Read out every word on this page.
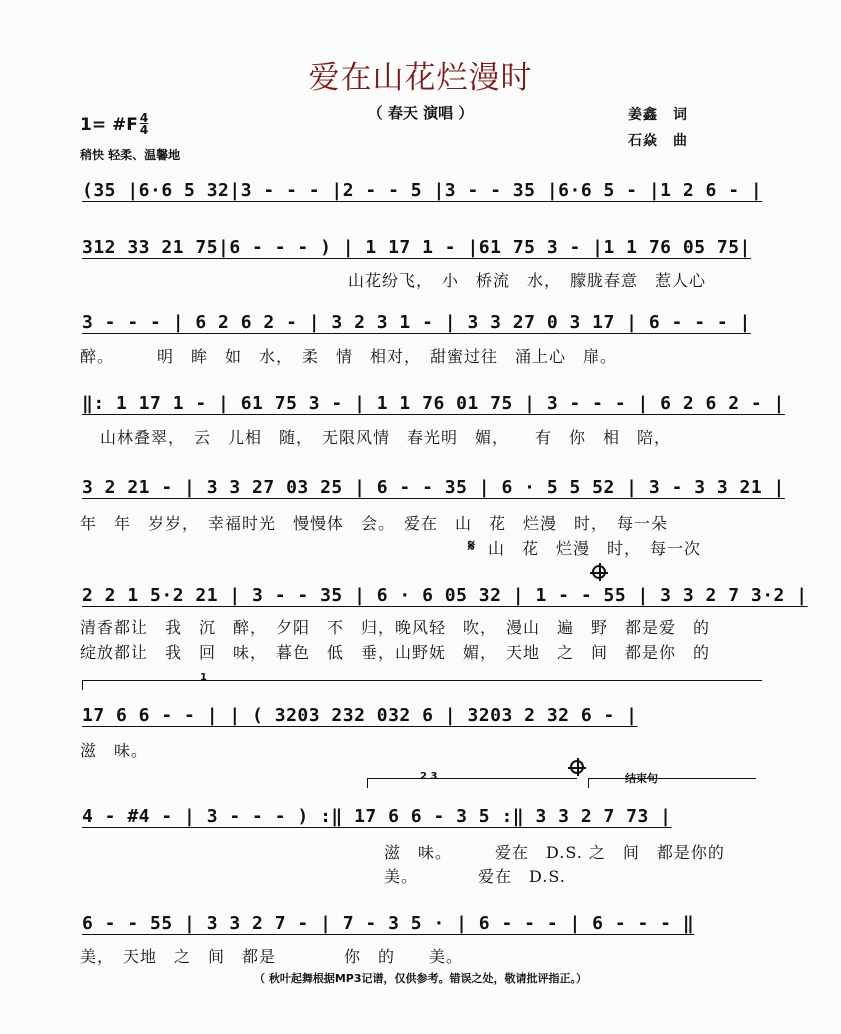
爱在山花烂漫时
（ 春天 演唱 ）
1= #F 4
4
稍快 轻柔、温馨地
姜鑫　词
石焱　曲
(35 |6·6 5 32|3 - - - |2 - - 5 |3 - - 35 |6·6 5 - |1 2 6 - |
312 33 21 75|6 - - - ) | 1 17 1 - |61 75 3 - |1 1 76 05 75|
山花纷飞，　小　桥流　水，　朦胧春意　惹人心
3 - - - | 6 2 6 2 - | 3 2 3 1 - | 3 3 27 0 3 17 | 6 - - - |
醉。　　　明　眸　如　水，　柔　情　相对，　甜蜜过往　涌上心　扉。
‖: 1 17 1 - | 61 75 3 - | 1 1 76 01 75 | 3 - - - | 6 2 6 2 - |
山林叠翠，　云　儿相　随，　无限风情　春光明　媚，　　有　你　相　陪，
3 2 21 - | 3 3 27 03 25 | 6 - - 35 | 6 · 5 5 52 | 3 - 3 3 21 |
年　年　岁岁，　幸福时光　慢慢体　会。　爱在　山　花　烂漫　时，　每一朵
𝄋 山　花　烂漫　时，　每一次
2 2 1 5·2 21 | 3 - - 35 | 6 · 6 05 32 | 1 - - 55 | 3 3 2 7 3·2 |
清香都让　我　沉　醉，　夕阳　不　归，晚风轻　吹，　漫山　遍　野　都是爱　的
绽放都让　我　回　味，　暮色　低　垂，山野妩　媚，　天地　之　间　都是你　的
1
17 6 6 - - | | ( 3203 232 032 6 | 3203 2 32 6 - |
滋　味。
2 3	结束句
4 - #4 - | 3 - - - ) :‖ 17 6 6 - 3 5 :‖ 3 3 2 7 73 |
滋　味。　　　爱在　D.S. 之　间　都是你的
美。　　　　爱在　D.S.
6 - - 55 | 3 3 2 7 - | 7 - 3 5 · | 6 - - - | 6 - - - ‖
美，　天地　之　间　都是　　　　你　的　　美。
（ 秋叶起舞根据MP3记谱，仅供参考。错误之处，敬请批评指正。）
